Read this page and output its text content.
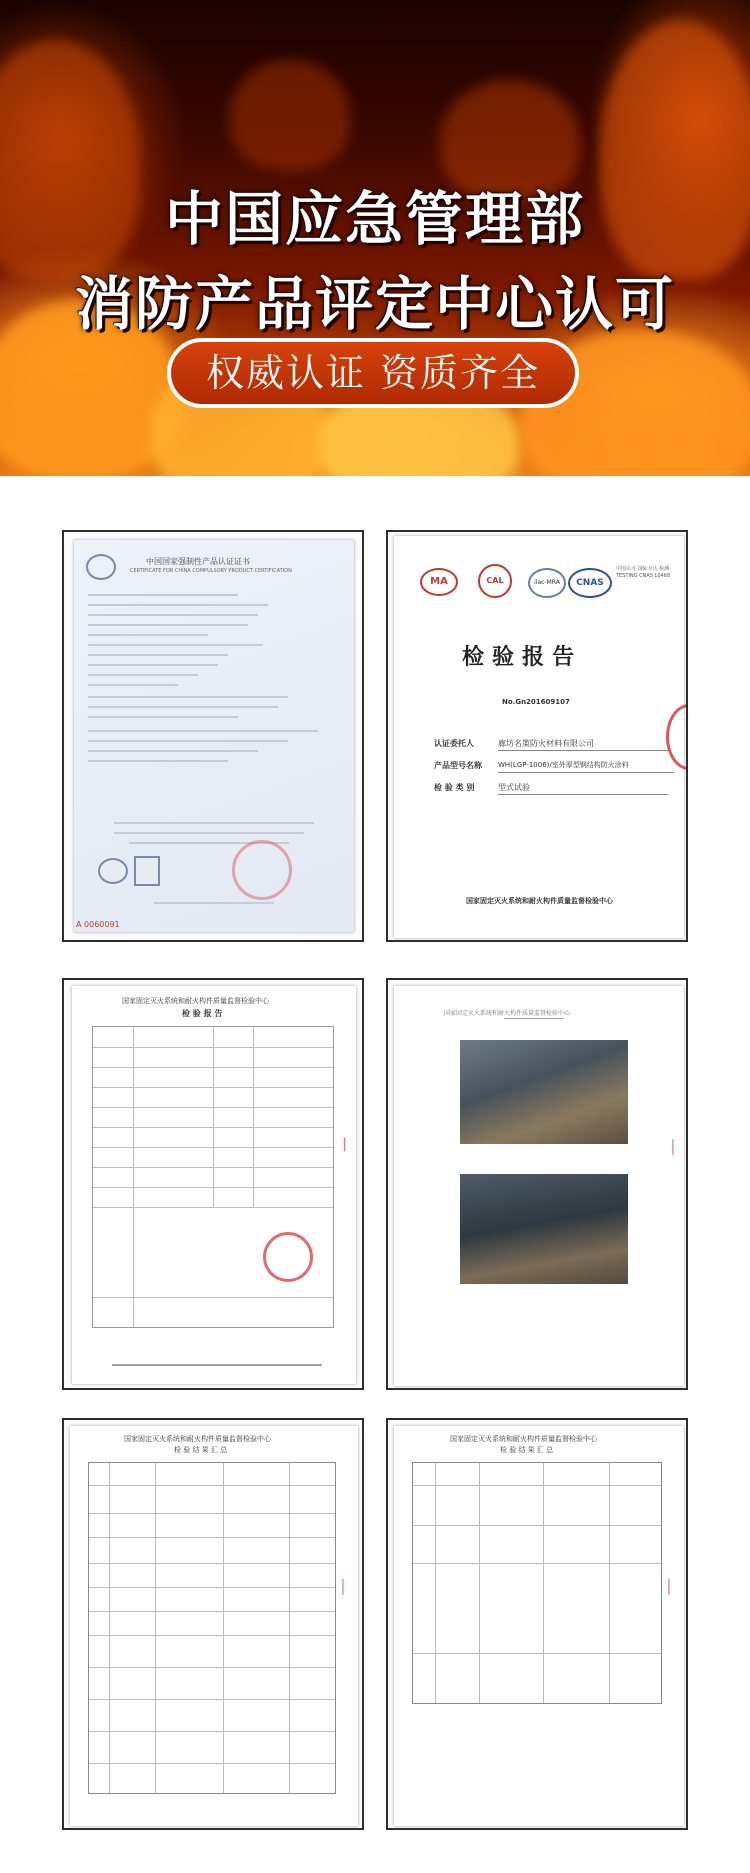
中国应急管理部
消防产品评定中心认可
权威认证 资质齐全
中国国家强制性产品认证证书
CERTIFICATE FOR CHINA COMPULSORY PRODUCT CERTIFICATION
A 0060091
MA	CAL	ilac-MRA	CNAS
中国认可 国际互认 检测 TESTING CNAS L0468
检验报告
No.Gn201609107
认证委托人	廊坊名策防火材料有限公司
产品型号名称 WH(LGP-1006)/室外厚型钢结构防火涂料
检 验 类 别	型式试验
国家固定灭火系统和耐火构件质量监督检验中心
国家固定灭火系统和耐火构件质量监督检验中心
检 验 报 告
|
国家固定灭火系统和耐火构件质量监督检验中心
|
国家固定灭火系统和耐火构件质量监督检验中心
检 验 结 果 汇 总
|
国家固定灭火系统和耐火构件质量监督检验中心
检 验 结 果 汇 总
|
